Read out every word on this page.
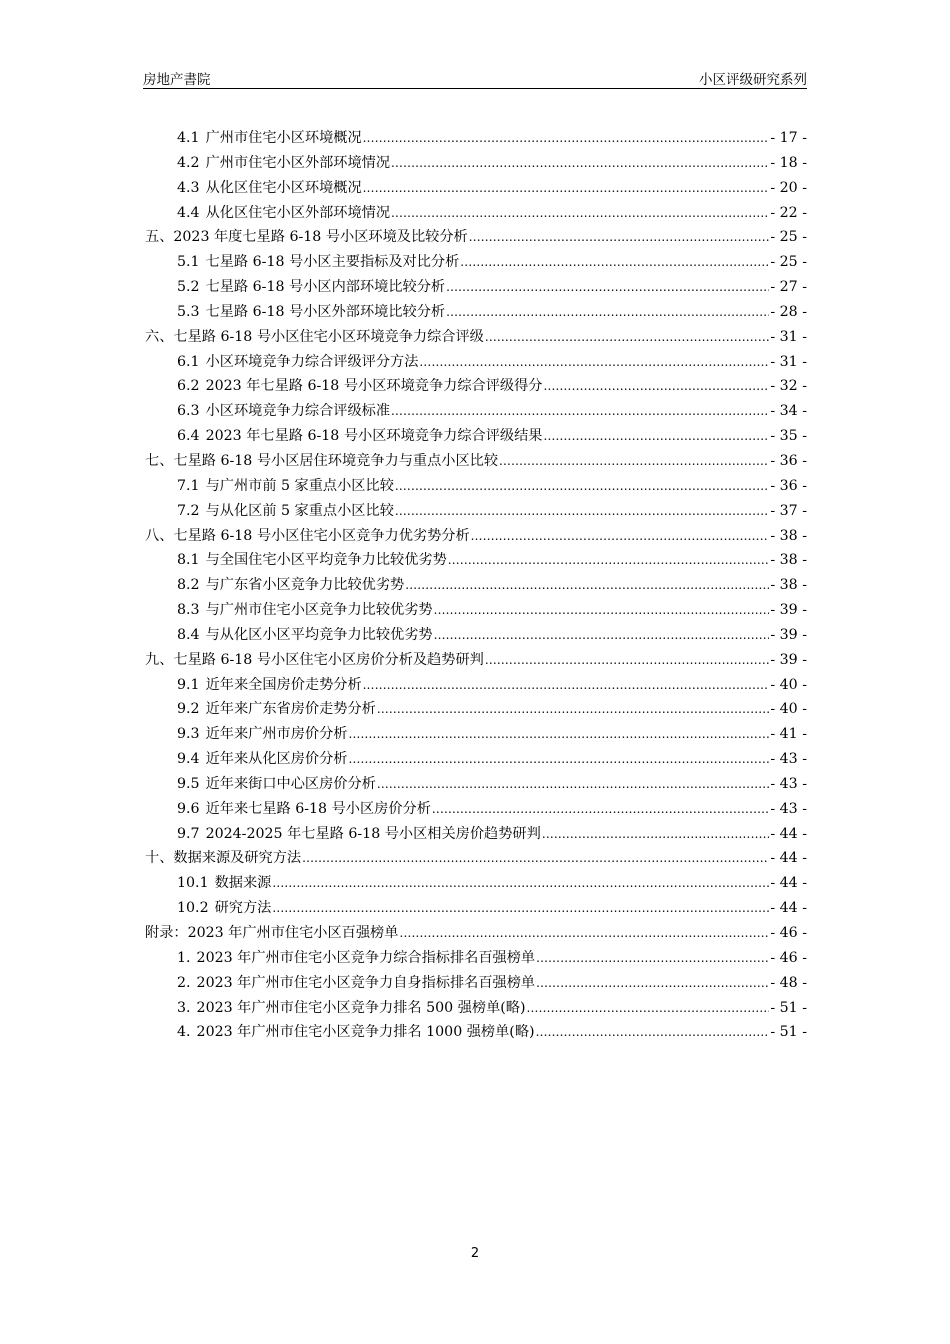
房地产書院	小区评级研究系列
4.1 广州市住宅小区环境概况 .....	- 17 -
4.2 广州市住宅小区外部环境情况 .....	- 18 -
4.3 从化区住宅小区环境概况 .....	- 20 -
4.4 从化区住宅小区外部环境情况 .....	- 22 -
五、2023 年度七星路 6-18 号小区环境及比较分析 .....	- 25 -
5.1 七星路 6-18 号小区主要指标及对比分析 .....	- 25 -
5.2 七星路 6-18 号小区内部环境比较分析 .....	- 27 -
5.3 七星路 6-18 号小区外部环境比较分析 .....	- 28 -
六、七星路 6-18 号小区住宅小区环境竞争力综合评级 .....	- 31 -
6.1 小区环境竞争力综合评级评分方法 .....	- 31 -
6.2 2023 年七星路 6-18 号小区环境竞争力综合评级得分 .....	- 32 -
6.3 小区环境竞争力综合评级标准 .....	- 34 -
6.4 2023 年七星路 6-18 号小区环境竞争力综合评级结果 .....	- 35 -
七、七星路 6-18 号小区居住环境竞争力与重点小区比较 .....	- 36 -
7.1 与广州市前 5 家重点小区比较 .....	- 36 -
7.2 与从化区前 5 家重点小区比较 .....	- 37 -
八、七星路 6-18 号小区住宅小区竞争力优劣势分析 .....	- 38 -
8.1 与全国住宅小区平均竞争力比较优劣势 .....	- 38 -
8.2 与广东省小区竞争力比较优劣势 .....	- 38 -
8.3 与广州市住宅小区竞争力比较优劣势 .....	- 39 -
8.4 与从化区小区平均竞争力比较优劣势 .....	- 39 -
九、七星路 6-18 号小区住宅小区房价分析及趋势研判 .....	- 39 -
9.1 近年来全国房价走势分析 .....	- 40 -
9.2 近年来广东省房价走势分析 .....	- 40 -
9.3 近年来广州市房价分析 .....	- 41 -
9.4 近年来从化区房价分析 .....	- 43 -
9.5 近年来街口中心区房价分析 .....	- 43 -
9.6 近年来七星路 6-18 号小区房价分析 .....	- 43 -
9.7 2024-2025 年七星路 6-18 号小区相关房价趋势研判 .....	- 44 -
十、数据来源及研究方法 .....	- 44 -
10.1 数据来源 .....	- 44 -
10.2 研究方法 .....	- 44 -
附录：2023 年广州市住宅小区百强榜单 .....	- 46 -
1. 2023 年广州市住宅小区竞争力综合指标排名百强榜单 .....	- 46 -
2. 2023 年广州市住宅小区竞争力自身指标排名百强榜单 .....	- 48 -
3. 2023 年广州市住宅小区竞争力排名 500 强榜单(略) .....	- 51 -
4. 2023 年广州市住宅小区竞争力排名 1000 强榜单(略) .....	- 51 -
2
